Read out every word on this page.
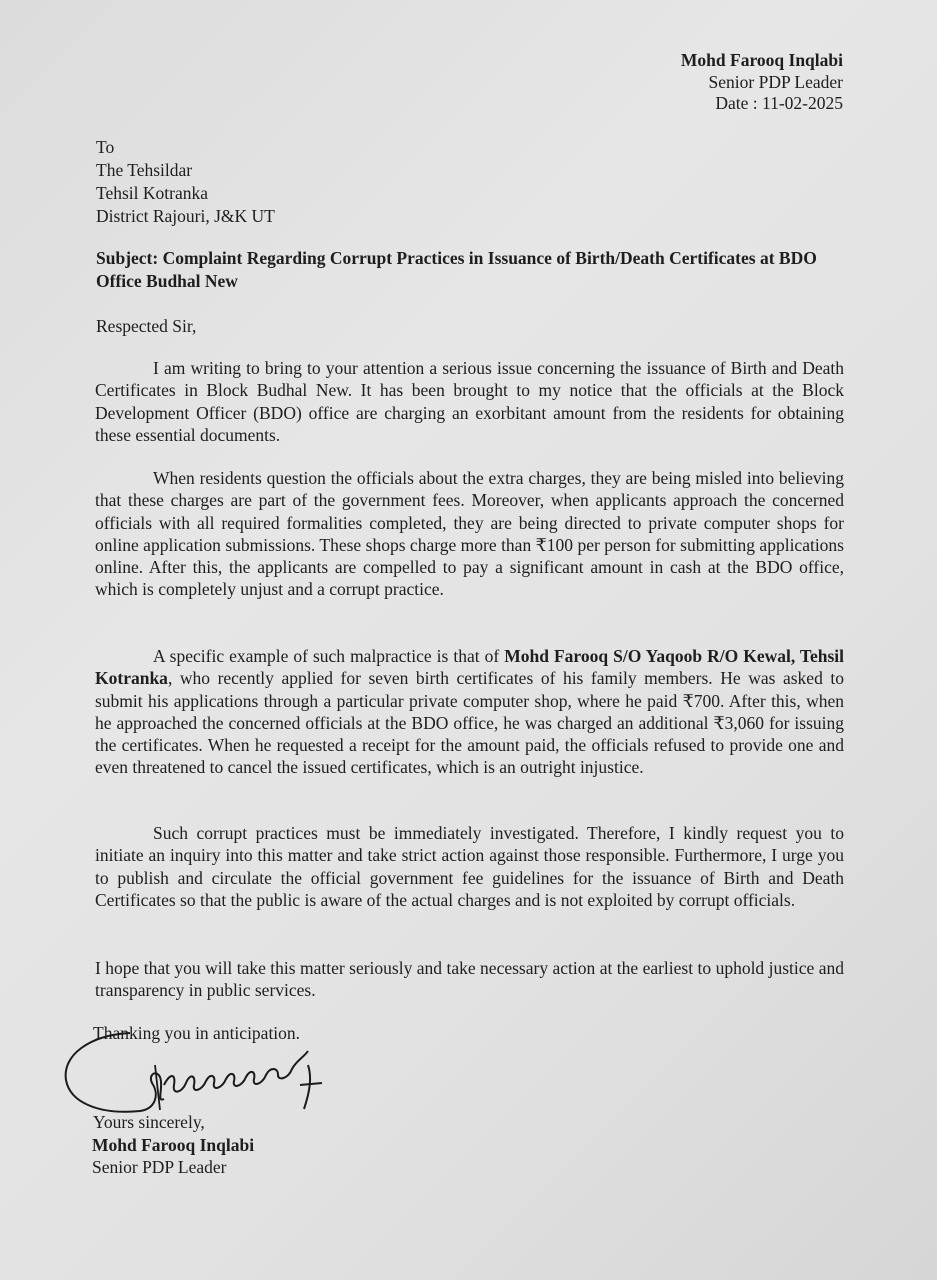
Mohd Farooq Inqlabi
Senior PDP Leader
Date : 11-02-2025
To
The Tehsildar
Tehsil Kotranka
District Rajouri, J&K UT
Subject: Complaint Regarding Corrupt Practices in Issuance of Birth/Death Certificates at BDO Office Budhal New
Respected Sir,

I am writing to bring to your attention a serious issue concerning the issuance of Birth and Death Certificates in Block Budhal New. It has been brought to my notice that the officials at the Block Development Officer (BDO) office are charging an exorbitant amount from the residents for obtaining these essential documents.

When residents question the officials about the extra charges, they are being misled into believing that these charges are part of the government fees. Moreover, when applicants approach the concerned officials with all required formalities completed, they are being directed to private computer shops for online application submissions. These shops charge more than ₹100 per person for submitting applications online. After this, the applicants are compelled to pay a significant amount in cash at the BDO office, which is completely unjust and a corrupt practice.

A specific example of such malpractice is that of Mohd Farooq S/O Yaqoob R/O Kewal, Tehsil Kotranka, who recently applied for seven birth certificates of his family members. He was asked to submit his applications through a particular private computer shop, where he paid ₹700. After this, when he approached the concerned officials at the BDO office, he was charged an additional ₹3,060 for issuing the certificates. When he requested a receipt for the amount paid, the officials refused to provide one and even threatened to cancel the issued certificates, which is an outright injustice.

Such corrupt practices must be immediately investigated. Therefore, I kindly request you to initiate an inquiry into this matter and take strict action against those responsible. Furthermore, I urge you to publish and circulate the official government fee guidelines for the issuance of Birth and Death Certificates so that the public is aware of the actual charges and is not exploited by corrupt officials.

I hope that you will take this matter seriously and take necessary action at the earliest to uphold justice and transparency in public services.

Thanking you in anticipation.
Yours sincerely,
Mohd Farooq Inqlabi
Senior PDP Leader
